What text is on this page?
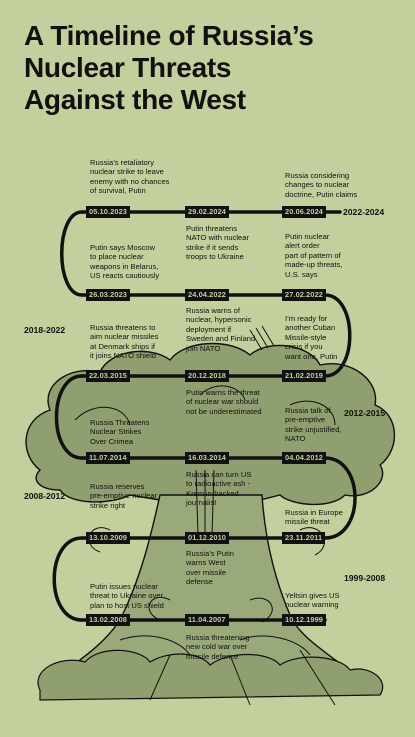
A Timeline of Russia’s
Nuclear Threats
Against the West
Russia’s retaliatory
nuclear strike to leave
enemy with no chances
of survival, Putin
Russia considering
changes to nuclear
doctrine, Putin claims
05.10.2023	29.02.2024	20.06.2024	2022-2024
Putin says Moscow
to place nuclear
weapons in Belarus,
US reacts cautiously
Putin threatens
NATO with nuclear
strike if it sends
troops to Ukraine
Putin nuclear
alert order
part of pattern of
made-up threats,
U.S. says
26.03.2023	24.04.2022	27.02.2022
2018-2022	Russia threatens to
aim nuclear missiles
at Denmark ships if
it joins NATO shield
Russia warns of
nuclear, hypersonic
deployment if
Sweden and Finland
join NATO
I’m ready for
another Cuban
Missile-style
crisis if you
want one, Putin
22.03.2015	20.12.2018	21.02.2019
Russia Threatens
Nuclear Strikes
Over Crimea
Putin warns the threat
of nuclear war should
not be underestimated	Russia talk of
pre-emptive
strike unjustified,
NATO
2012-2015
11.07.2014	16.03.2014	04.04.2012
Russia reserves
pre-emptive nuclear
strike right
2008-2012
Russia can turn US
to radioactive ash -
Kremlin-backed
journalist
Russia in Europe
missile threat
13.10.2009	01.12.2010	23.11.2011
Russia’s Putin
warns West
over missile
defense	1999-2008
Putin issues nuclear
threat to Ukraine over
plan to host US shield
Yeltsin gives US
nuclear warning
13.02.2008	11.04.2007	10.12.1999
Russia threatening
new cold war over
missile defence
